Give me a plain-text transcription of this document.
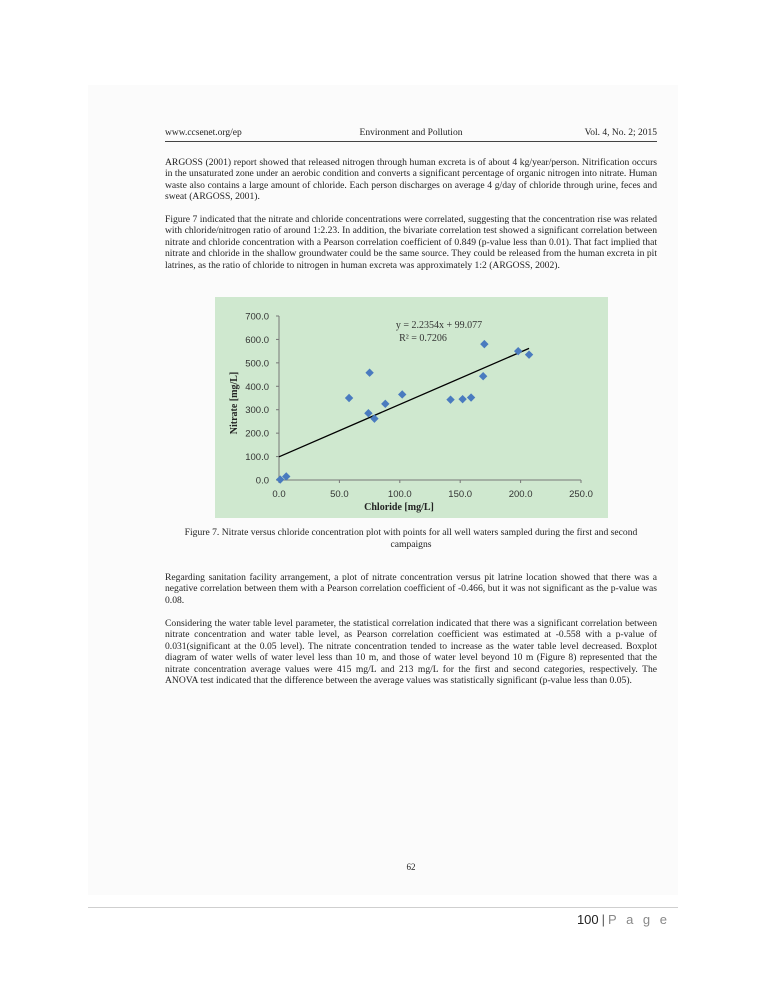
www.ccsenet.org/ep	Environment and Pollution	Vol. 4, No. 2; 2015

ARGOSS (2001) report showed that released nitrogen through human excreta is of about 4 kg/year/person. Nitrification occurs in the unsaturated zone under an aerobic condition and converts a significant percentage of organic nitrogen into nitrate. Human waste also contains a large amount of chloride. Each person discharges on average 4 g/day of chloride through urine, feces and sweat (ARGOSS, 2001).

Figure 7 indicated that the nitrate and chloride concentrations were correlated, suggesting that the concentration rise was related with chloride/nitrogen ratio of around 1:2.23. In addition, the bivariate correlation test showed a significant correlation between nitrate and chloride concentration with a Pearson correlation coefficient of 0.849 (p-value less than 0.01). That fact implied that nitrate and chloride in the shallow groundwater could be the same source. They could be released from the human excreta in pit latrines, as the ratio of chloride to nitrogen in human excreta was approximately 1:2 (ARGOSS, 2002).

0.0
100.0
200.0
300.0
400.0
500.0
600.0
700.0
0.0	50.0	100.0	150.0	200.0	250.0
y = 2.2354x + 99.077
R² = 0.7206
Chloride [mg/L]
Nitrate [mg/L]

Figure 7. Nitrate versus chloride concentration plot with points for all well waters sampled during the first and second campaigns

Regarding sanitation facility arrangement, a plot of nitrate concentration versus pit latrine location showed that there was a negative correlation between them with a Pearson correlation coefficient of -0.466, but it was not significant as the p-value was 0.08.

Considering the water table level parameter, the statistical correlation indicated that there was a significant correlation between nitrate concentration and water table level, as Pearson correlation coefficient was estimated at -0.558 with a p-value of 0.031(significant at the 0.05 level). The nitrate concentration tended to increase as the water table level decreased. Boxplot diagram of water wells of water level less than 10 m, and those of water level beyond 10 m (Figure 8) represented that the nitrate concentration average values were 415 mg/L and 213 mg/L for the first and second categories, respectively. The ANOVA test indicated that the difference between the average values was statistically significant (p-value less than 0.05).

62
100 | P a g e
